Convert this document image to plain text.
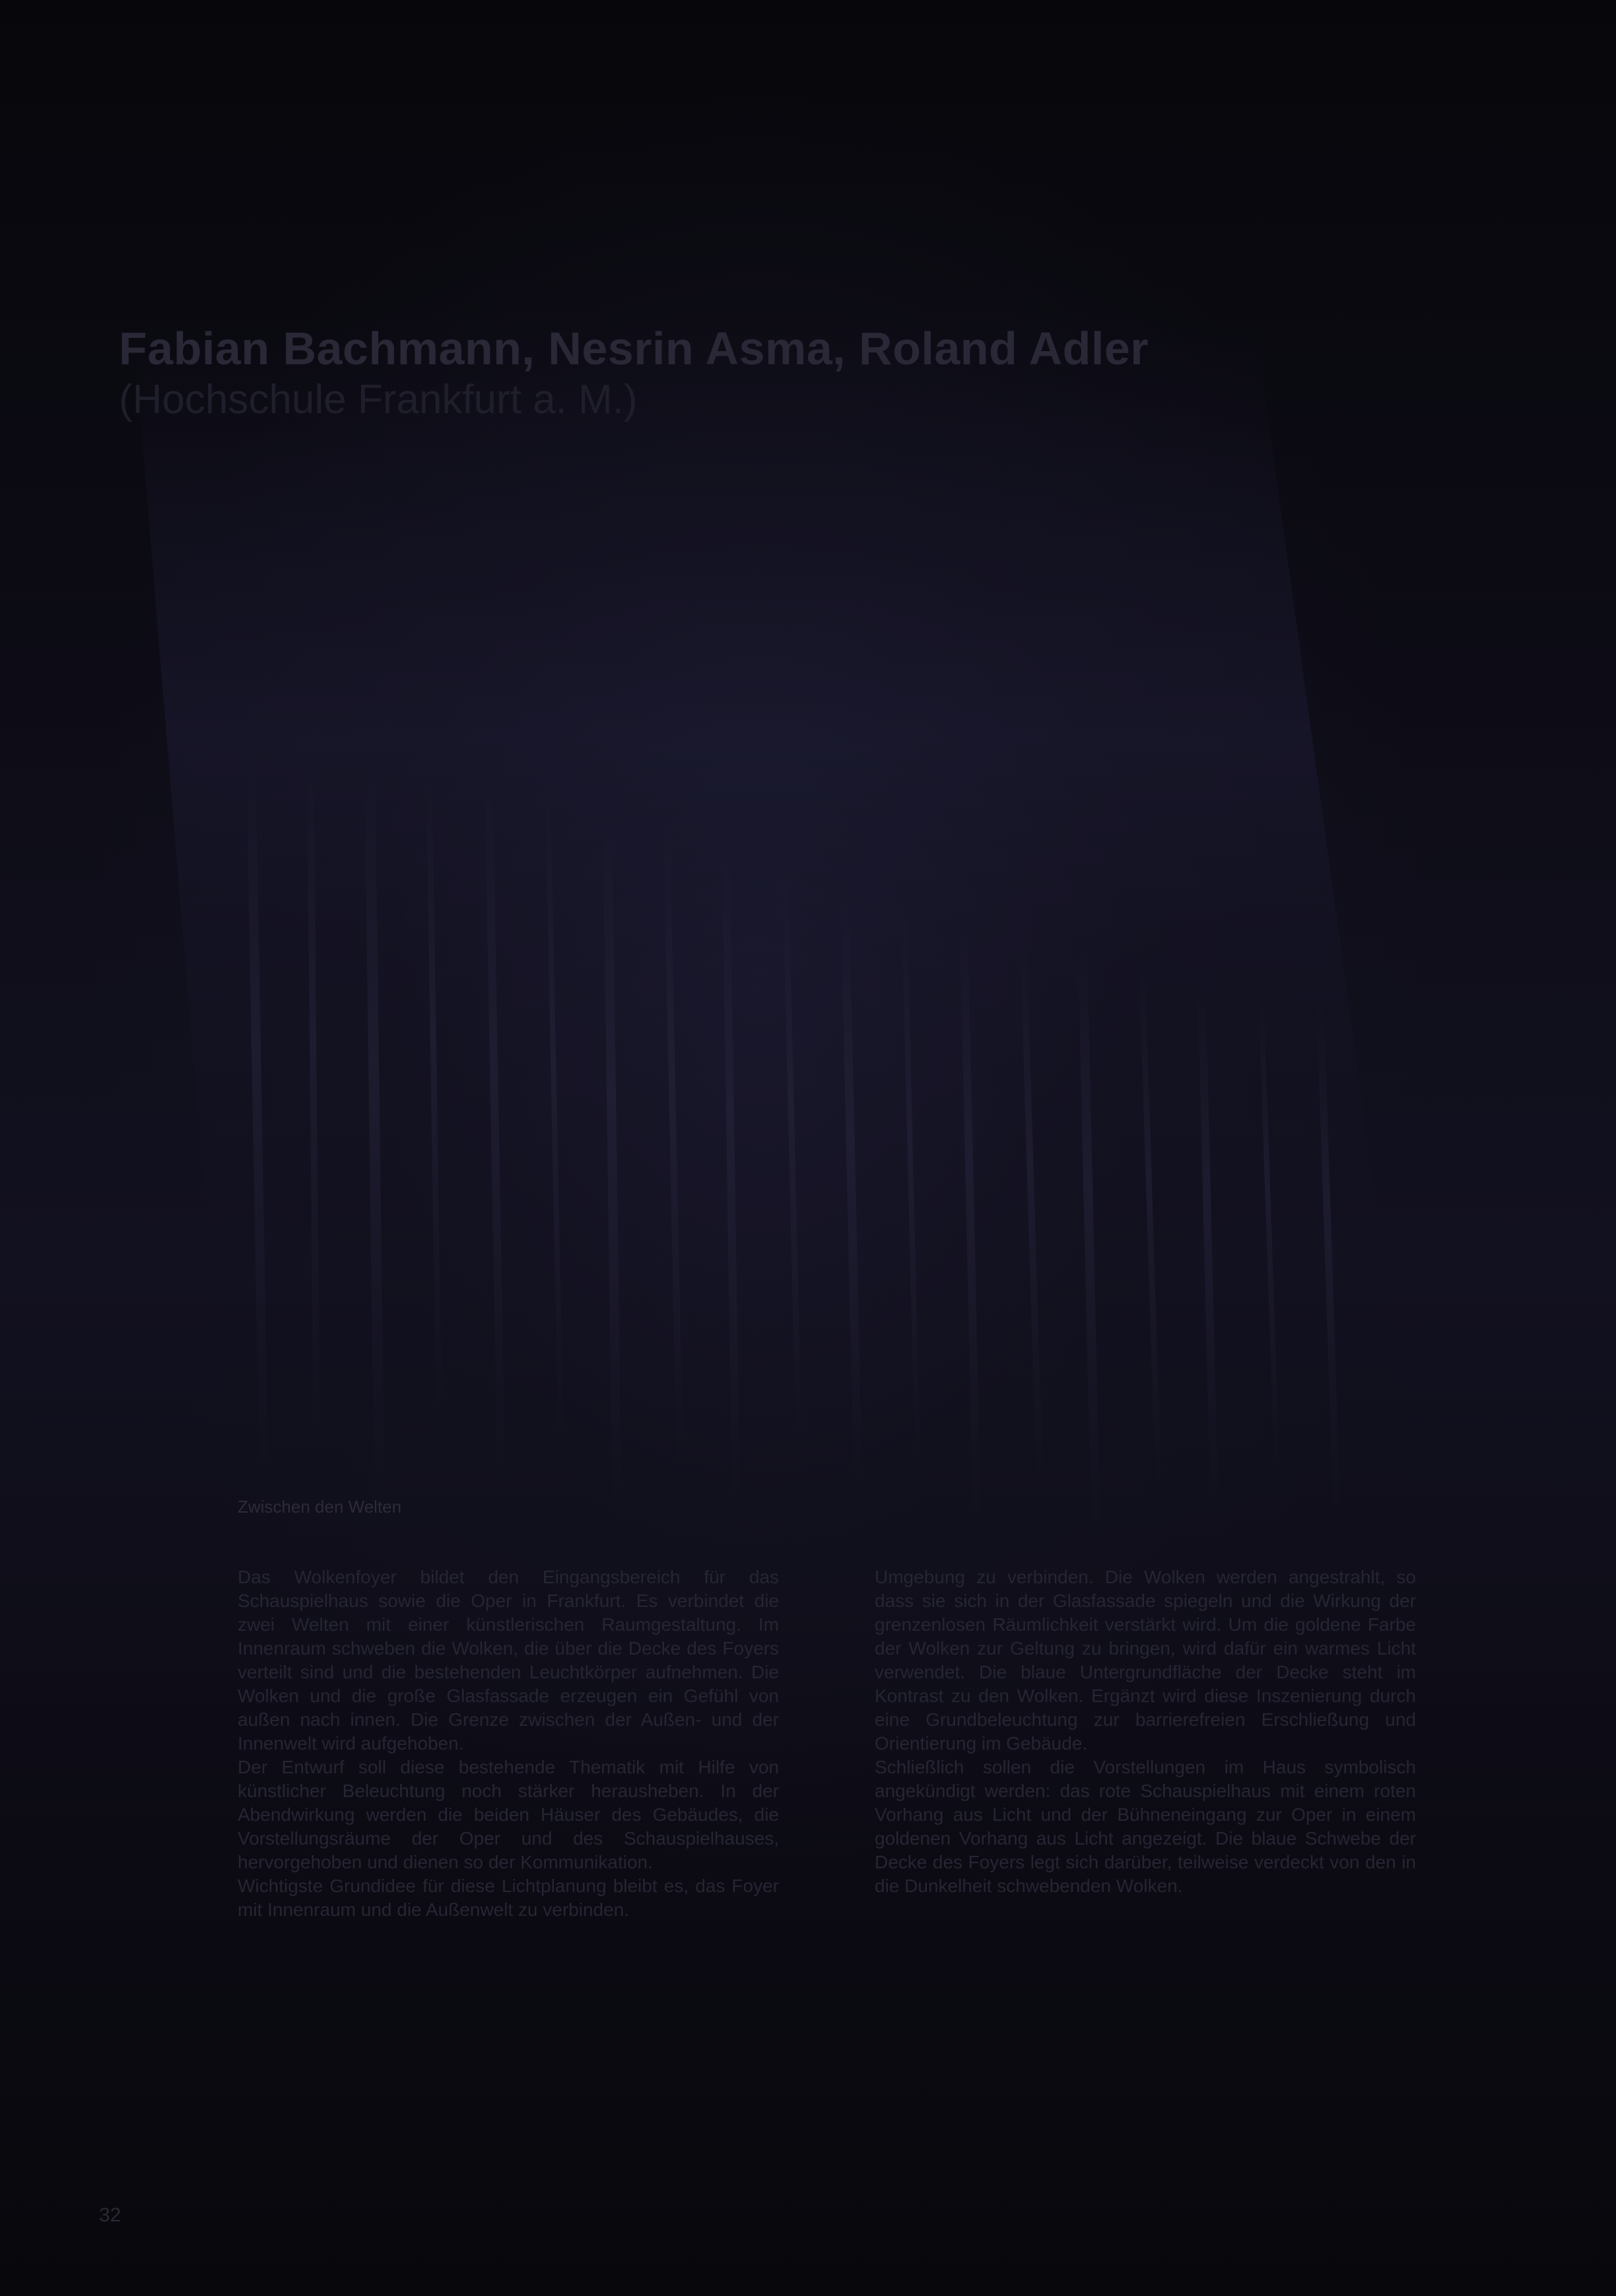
Fabian Bachmann, Nesrin Asma, Roland Adler
(Hochschule Frankfurt a. M.)
Zwischen den Welten

Das Wolkenfoyer bildet den Eingangsbereich für das Schauspielhaus sowie die Oper in Frankfurt. Es verbindet die zwei Welten mit einer künstlerischen Raumgestaltung. Im Innenraum schweben die Wolken, die über die Decke des Foyers verteilt sind und die bestehenden Leuchtkörper aufnehmen. Die Wolken und die große Glasfassade erzeugen ein Gefühl von außen nach innen. Die Grenze zwischen der Außen- und der Innenwelt wird aufgehoben.

Der Entwurf soll diese bestehende Thematik mit Hilfe von künstlicher Beleuchtung noch stärker herausheben. In der Abendwirkung werden die beiden Häuser des Gebäudes, die Vorstellungsräume der Oper und des Schauspielhauses, hervorgehoben und dienen so der Kommunikation.

Wichtigste Grundidee für diese Lichtplanung bleibt es, das Foyer mit Innenraum und die Außenwelt zu verbinden.

Umgebung zu verbinden. Die Wolken werden angestrahlt, so dass sie sich in der Glasfassade spiegeln und die Wirkung der grenzenlosen Räumlichkeit verstärkt wird. Um die goldene Farbe der Wolken zur Geltung zu bringen, wird dafür ein warmes Licht verwendet. Die blaue Untergrundfläche der Decke steht im Kontrast zu den Wolken. Ergänzt wird diese Inszenierung durch eine Grundbeleuchtung zur barrierefreien Erschließung und Orientierung im Gebäude.

Schließlich sollen die Vorstellungen im Haus symbolisch angekündigt werden: das rote Schauspielhaus mit einem roten Vorhang aus Licht und der Bühneneingang zur Oper in einem goldenen Vorhang aus Licht angezeigt. Die blaue Schwebe der Decke des Foyers legt sich darüber, teilweise verdeckt von den in die Dunkelheit schwebenden Wolken.

32
